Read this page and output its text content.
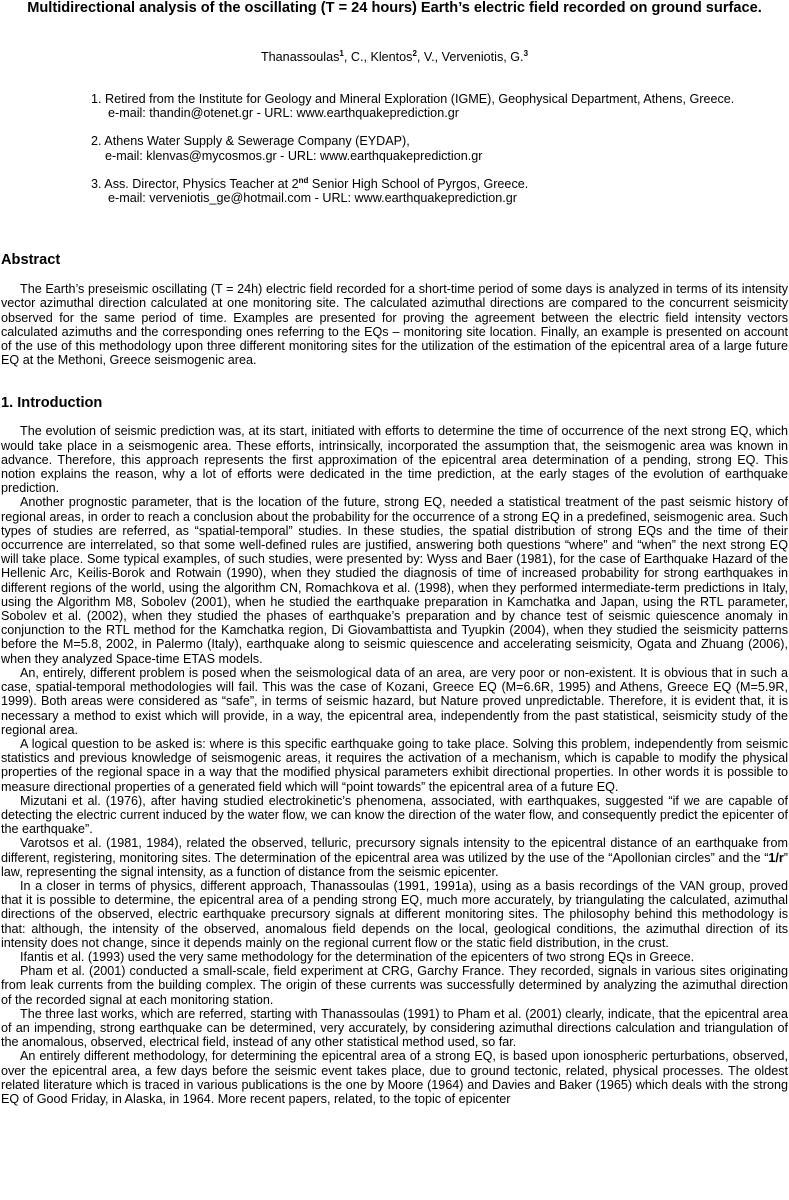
Multidirectional analysis of the oscillating (T = 24 hours) Earth’s electric field recorded on ground surface.
Thanassoulas$^1$, C., Klentos$^2$, V., Verveniotis, G.$^3$
1. Retired from the Institute for Geology and Mineral Exploration (IGME), Geophysical Department, Athens, Greece.
e-mail: thandin@otenet.gr - URL: www.earthquakeprediction.gr
2. Athens Water Supply & Sewerage Company (EYDAP),
e-mail: klenvas@mycosmos.gr - URL: www.earthquakeprediction.gr
3. Ass. Director, Physics Teacher at 2nd Senior High School of Pyrgos, Greece.
e-mail: verveniotis_ge@hotmail.com - URL: www.earthquakeprediction.gr
Abstract

The Earth’s preseismic oscillating (T = 24h) electric field recorded for a short-time period of some days is analyzed in terms of its intensity vector azimuthal direction calculated at one monitoring site. The calculated azimuthal directions are compared to the concurrent seismicity observed for the same period of time. Examples are presented for proving the agreement between the electric field intensity vectors calculated azimuths and the corresponding ones referring to the EQs – monitoring site location. Finally, an example is presented on account of the use of this methodology upon three different monitoring sites for the utilization of the estimation of the epicentral area of a large future EQ at the Methoni, Greece seismogenic area.

1. Introduction

The evolution of seismic prediction was, at its start, initiated with efforts to determine the time of occurrence of the next strong EQ, which would take place in a seismogenic area. These efforts, intrinsically, incorporated the assumption that, the seismogenic area was known in advance. Therefore, this approach represents the first approximation of the epicentral area determination of a pending, strong EQ. This notion explains the reason, why a lot of efforts were dedicated in the time prediction, at the early stages of the evolution of earthquake prediction.

Another prognostic parameter, that is the location of the future, strong EQ, needed a statistical treatment of the past seismic history of regional areas, in order to reach a conclusion about the probability for the occurrence of a strong EQ in a predefined, seismogenic area. Such types of studies are referred, as “spatial-temporal” studies. In these studies, the spatial distribution of strong EQs and the time of their occurrence are interrelated, so that some well-defined rules are justified, answering both questions “where” and “when” the next strong EQ will take place. Some typical examples, of such studies, were presented by: Wyss and Baer (1981), for the case of Earthquake Hazard of the Hellenic Arc, Keilis-Borok and Rotwain (1990), when they studied the diagnosis of time of increased probability for strong earthquakes in different regions of the world, using the algorithm CN, Romachkova et al. (1998), when they performed intermediate-term predictions in Italy, using the Algorithm M8, Sobolev (2001), when he studied the earthquake preparation in Kamchatka and Japan, using the RTL parameter, Sobolev et al. (2002), when they studied the phases of earthquake’s preparation and by chance test of seismic quiescence anomaly in conjunction to the RTL method for the Kamchatka region, Di Giovambattista and Tyupkin (2004), when they studied the seismicity patterns before the M=5.8, 2002, in Palermo (Italy), earthquake along to seismic quiescence and accelerating seismicity, Ogata and Zhuang (2006), when they analyzed Space-time ETAS models.

An, entirely, different problem is posed when the seismological data of an area, are very poor or non-existent. It is obvious that in such a case, spatial-temporal methodologies will fail. This was the case of Kozani, Greece EQ (M=6.6R, 1995) and Athens, Greece EQ (M=5.9R, 1999). Both areas were considered as “safe”, in terms of seismic hazard, but Nature proved unpredictable. Therefore, it is evident that, it is necessary a method to exist which will provide, in a way, the epicentral area, independently from the past statistical, seismicity study of the regional area.

A logical question to be asked is: where is this specific earthquake going to take place. Solving this problem, independently from seismic statistics and previous knowledge of seismogenic areas, it requires the activation of a mechanism, which is capable to modify the physical properties of the regional space in a way that the modified physical parameters exhibit directional properties. In other words it is possible to measure directional properties of a generated field which will “point towards” the epicentral area of a future EQ.

Mizutani et al. (1976), after having studied electrokinetic’s phenomena, associated, with earthquakes, suggested “if we are capable of detecting the electric current induced by the water flow, we can know the direction of the water flow, and consequently predict the epicenter of the earthquake”.

Varotsos et al. (1981, 1984), related the observed, telluric, precursory signals intensity to the epicentral distance of an earthquake from different, registering, monitoring sites. The determination of the epicentral area was utilized by the use of the “Apollonian circles” and the “1/r” law, representing the signal intensity, as a function of distance from the seismic epicenter.

In a closer in terms of physics, different approach, Thanassoulas (1991, 1991a), using as a basis recordings of the VAN group, proved that it is possible to determine, the epicentral area of a pending strong EQ, much more accurately, by triangulating the calculated, azimuthal directions of the observed, electric earthquake precursory signals at different monitoring sites. The philosophy behind this methodology is that: although, the intensity of the observed, anomalous field depends on the local, geological conditions, the azimuthal direction of its intensity does not change, since it depends mainly on the regional current flow or the static field distribution, in the crust.

Ifantis et al. (1993) used the very same methodology for the determination of the epicenters of two strong EQs in Greece.

Pham et al. (2001) conducted a small-scale, field experiment at CRG, Garchy France. They recorded, signals in various sites originating from leak currents from the building complex. The origin of these currents was successfully determined by analyzing the azimuthal direction of the recorded signal at each monitoring station.

The three last works, which are referred, starting with Thanassoulas (1991) to Pham et al. (2001) clearly, indicate, that the epicentral area of an impending, strong earthquake can be determined, very accurately, by considering azimuthal directions calculation and triangulation of the anomalous, observed, electrical field, instead of any other statistical method used, so far.

An entirely different methodology, for determining the epicentral area of a strong EQ, is based upon ionospheric perturbations, observed, over the epicentral area, a few days before the seismic event takes place, due to ground tectonic, related, physical processes. The oldest related literature which is traced in various publications is the one by Moore (1964) and Davies and Baker (1965) which deals with the strong EQ of Good Friday, in Alaska, in 1964. More recent papers, related, to the topic of epicenter
